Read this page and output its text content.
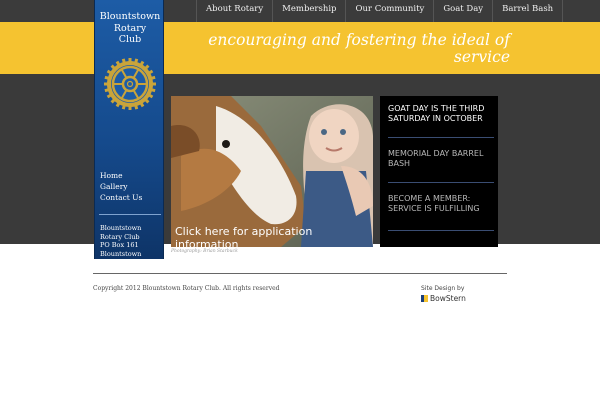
About Rotary	Membership	Our Community	Goat Day	Barrel Bash
encouraging and fostering the ideal of service
Blountstown
Rotary
Club
Home
Gallery
Contact Us
Blountstown
Rotary Club
PO Box 161
Blountstown
Click here for application information
Photography: Brian Starbuck
GOAT DAY IS THE THIRD SATURDAY IN OCTOBER
MEMORIAL DAY BARREL BASH
BECOME A MEMBER: SERVICE IS FULFILLING
Copyright 2012 Blountstown Rotary Club. All rights reserved	Site Design by
BowStern
